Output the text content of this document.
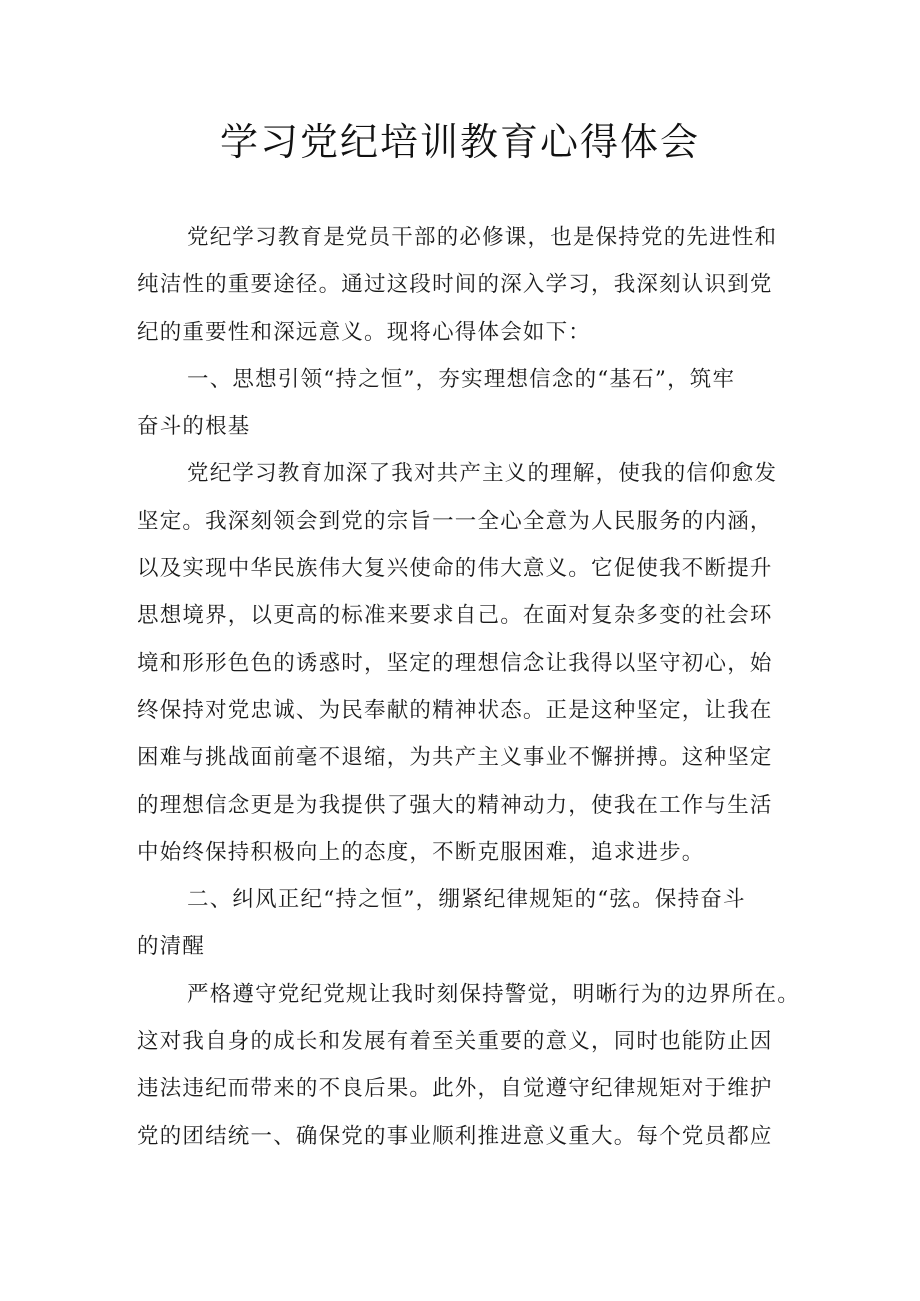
学习党纪培训教育心得体会
党纪学习教育是党员干部的必修课，也是保持党的先进性和
纯洁性的重要途径。通过这段时间的深入学习，我深刻认识到党
纪的重要性和深远意义。现将心得体会如下：
一、思想引领“持之恒”，夯实理想信念的“基石”，筑牢
奋斗的根基
党纪学习教育加深了我对共产主义的理解，使我的信仰愈发
坚定。我深刻领会到党的宗旨一一全心全意为人民服务的内涵，
以及实现中华民族伟大复兴使命的伟大意义。它促使我不断提升
思想境界，以更高的标准来要求自己。在面对复杂多变的社会环
境和形形色色的诱惑时，坚定的理想信念让我得以坚守初心，始
终保持对党忠诚、为民奉献的精神状态。正是这种坚定，让我在
困难与挑战面前毫不退缩，为共产主义事业不懈拼搏。这种坚定
的理想信念更是为我提供了强大的精神动力，使我在工作与生活
中始终保持积极向上的态度，不断克服困难，追求进步。
二、纠风正纪“持之恒”，绷紧纪律规矩的“弦。保持奋斗
的清醒
严格遵守党纪党规让我时刻保持警觉，明晰行为的边界所在。
这对我自身的成长和发展有着至关重要的意义，同时也能防止因
违法违纪而带来的不良后果。此外，自觉遵守纪律规矩对于维护
党的团结统一、确保党的事业顺利推进意义重大。每个党员都应
